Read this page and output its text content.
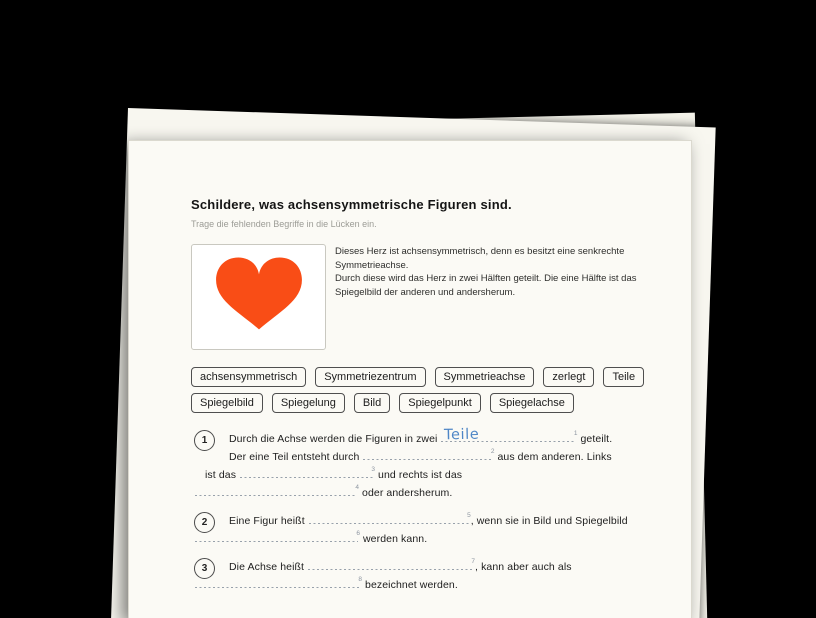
Schildere, was achsensymmetrische Figuren sind.
Trage die fehlenden Begriffe in die Lücken ein.
Dieses Herz ist achsensymmetrisch, denn es besitzt eine senkrechte
Symmetrieachse.
Durch diese wird das Herz in zwei Hälften geteilt. Die eine Hälfte ist das
Spiegelbild der anderen und andersherum.
achsensymmetrisch	Symmetriezentrum	Symmetrieachse	zerlegt	Teile
Spiegelbild	Spiegelung	Bild	Spiegelpunkt	Spiegelachse
1	Durch die Achse werden die Figuren in zwei Teile	1 geteilt.
Der eine Teil entsteht durch	2 aus dem anderen. Links
ist das	3 und rechts ist das
4 oder andersherum.
2	Eine Figur heißt	5 , wenn sie in Bild und Spiegelbild
6 werden kann.
3	Die Achse heißt	7 , kann aber auch als
8 bezeichnet werden.
